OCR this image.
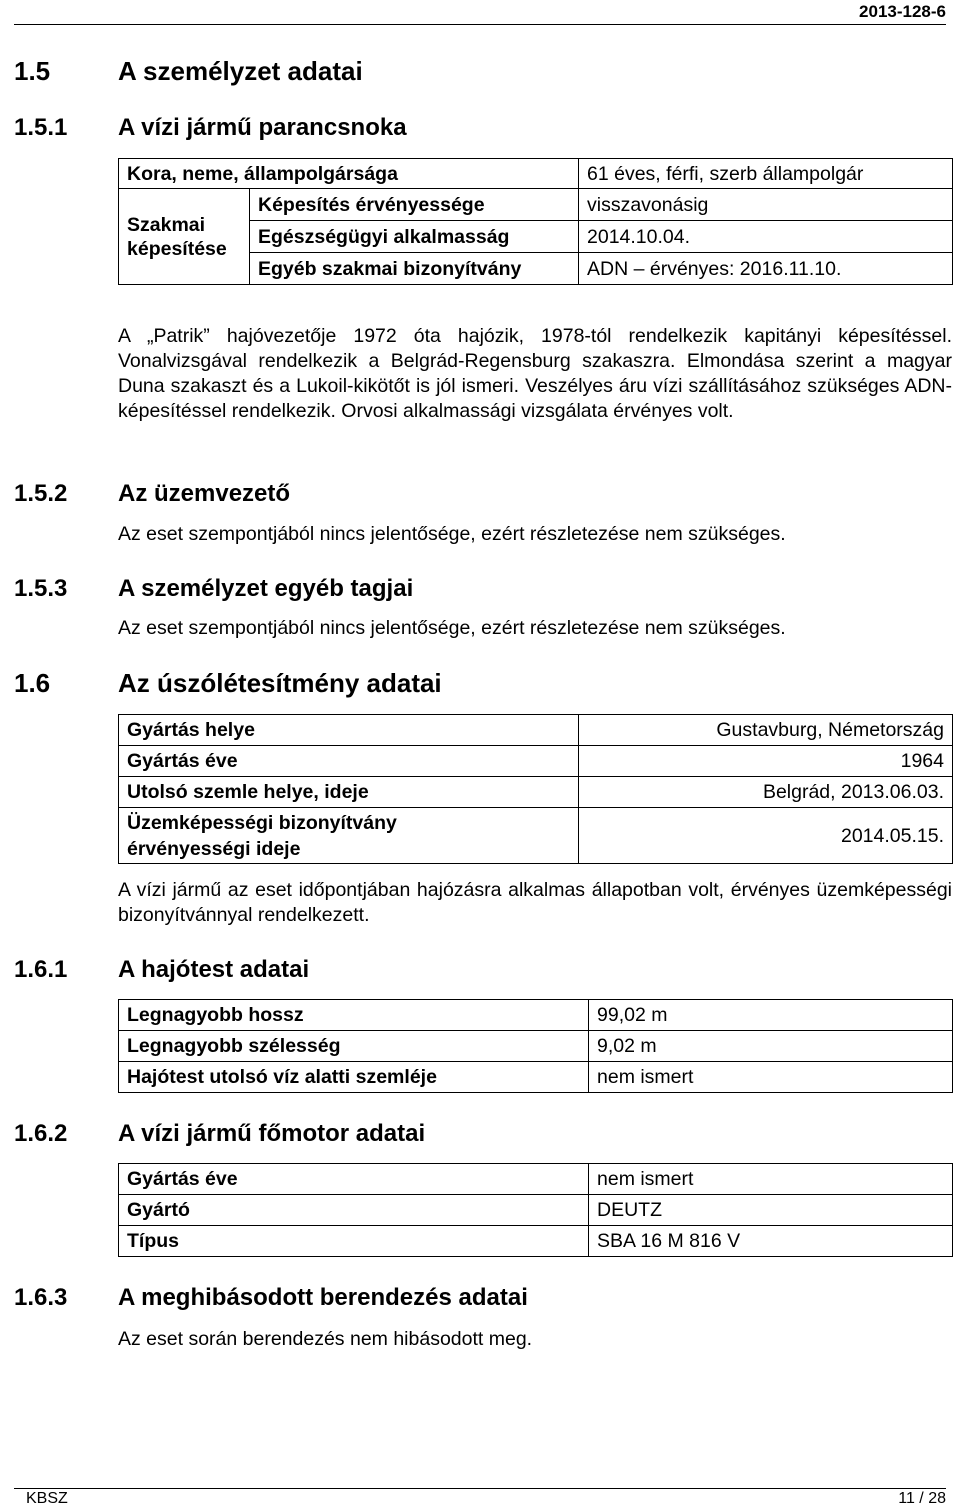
2013-128-6
1.5	A személyzet adatai
1.5.1 A vízi jármű parancsnoka
Kora, neme, állampolgársága		61 éves, férfi, szerb állampolgár

Szakmai
képesítése	Képesítés érvényessége	visszavonásig
	Egészségügyi alkalmasság	2014.10.04.
	Egyéb szakmai bizonyítvány	ADN – érvényes: 2016.11.10.
A „Patrik” hajóvezetője 1972 óta hajózik, 1978-tól rendelkezik kapitányi képesítéssel. Vonalvizsgával rendelkezik a Belgrád-Regensburg szakaszra. Elmondása szerint a magyar Duna szakaszt és a Lukoil-kikötőt is jól ismeri. Veszélyes áru vízi szállításához szükséges ADN-képesítéssel rendelkezik. Orvosi alkalmassági vizsgálata érvényes volt.
1.5.2 Az üzemvezető
Az eset szempontjából nincs jelentősége, ezért részletezése nem szükséges.
1.5.3 A személyzet egyéb tagjai
Az eset szempontjából nincs jelentősége, ezért részletezése nem szükséges.
1.6	Az úszólétesítmény adatai
Gyártás helye	Gustavburg, Németország
Gyártás éve	1964
Utolsó szemle helye, ideje	Belgrád, 2013.06.03.

Üzemképességi bizonyítvány
érvényességi ideje	2014.05.15.
A vízi jármű az eset időpontjában hajózásra alkalmas állapotban volt, érvényes üzemképességi bizonyítvánnyal rendelkezett.
1.6.1 A hajótest adatai
Legnagyobb hossz	99,02 m
Legnagyobb szélesség	9,02 m
Hajótest utolsó víz alatti szemléje	nem ismert
1.6.2 A vízi jármű főmotor adatai
Gyártás éve	nem ismert
Gyártó	DEUTZ
Típus	SBA 16 M 816 V
1.6.3 A meghibásodott berendezés adatai
Az eset során berendezés nem hibásodott meg.
KBSZ	11 / 28
